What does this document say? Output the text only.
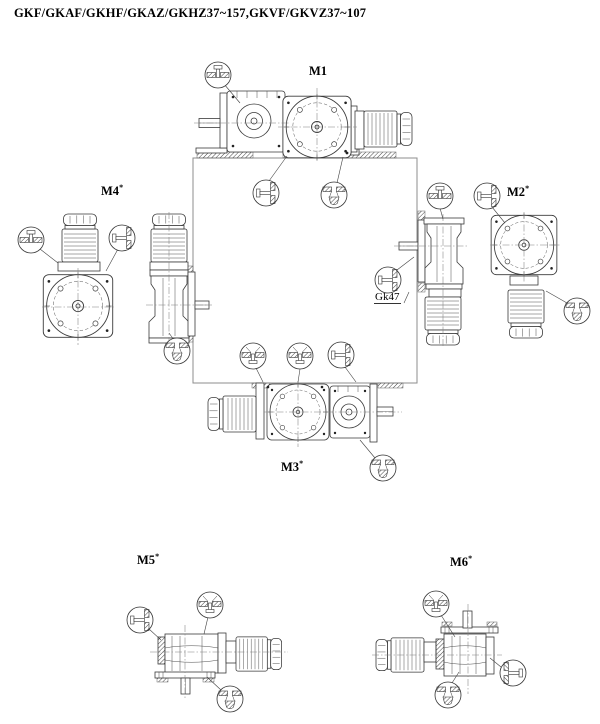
GKF/GKAF/GKHF/GKAZ/GKHZ37~157,GKVF/GKVZ37~107
M1
M2*
M3*
M4*
M5*	M6*
Gk47
